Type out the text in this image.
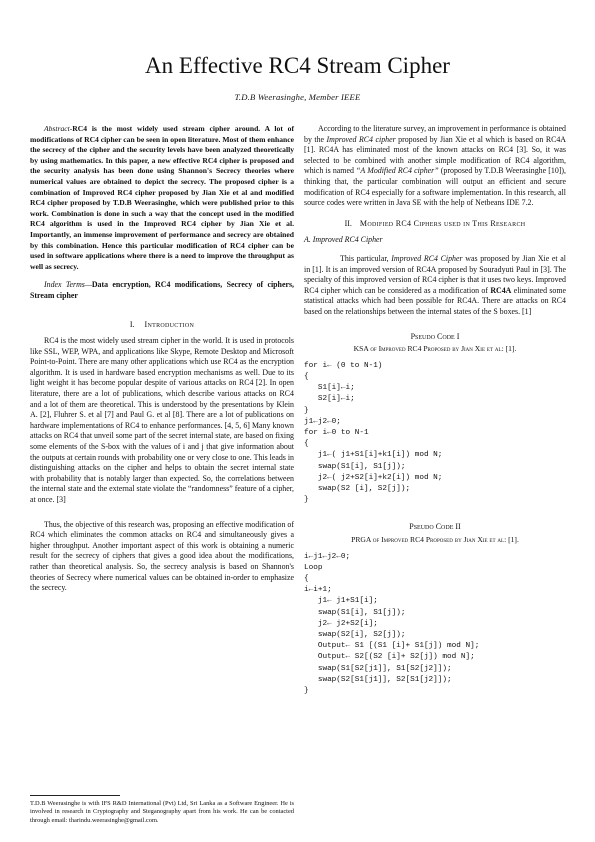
An Effective RC4 Stream Cipher
T.D.B Weerasinghe, Member IEEE

Abstract-RC4 is the most widely used stream cipher around. A lot of modifications of RC4 cipher can be seen in open literature. Most of them enhance the secrecy of the cipher and the security levels have been analyzed theoretically by using mathematics. In this paper, a new effective RC4 cipher is proposed and the security analysis has been done using Shannon's Secrecy theories where numerical values are obtained to depict the secrecy. The proposed cipher is a combination of Improved RC4 cipher proposed by Jian Xie et al and modified RC4 cipher proposed by T.D.B Weerasinghe, which were published prior to this work. Combination is done in such a way that the concept used in the modified RC4 algorithm is used in the Improved RC4 cipher by Jian Xie et al. Importantly, an immense improvement of performance and secrecy are obtained by this combination. Hence this particular modification of RC4 cipher can be used in software applications where there is a need to improve the throughput as well as secrecy.

Index Terms—Data encryption, RC4 modifications, Secrecy of ciphers, Stream cipher

I. Introduction

RC4 is the most widely used stream cipher in the world. It is used in protocols like SSL, WEP, WPA, and applications like Skype, Remote Desktop and Microsoft Point-to-Point. There are many other applications which use RC4 as the encryption algorithm. It is used in hardware based encryption mechanisms as well. Due to its light weight it has become popular despite of various attacks on RC4 [2]. In open literature, there are a lot of publications, which describe various attacks on RC4 and a lot of them are theoretical. This is understood by the presentations by Klein A. [2], Fluhrer S. et al [7] and Paul G. et al [8]. There are a lot of publications on hardware implementations of RC4 to enhance performances. [4, 5, 6] Many known attacks on RC4 that unveil some part of the secret internal state, are based on fixing some elements of the S-box with the values of i and j that give information about the outputs at certain rounds with probability one or very close to one. This leads in distinguishing attacks on the cipher and helps to obtain the secret internal state with probability that is notably larger than expected. So, the correlations between the internal state and the external state violate the “randomness” feature of a cipher, at once. [3]

Thus, the objective of this research was, proposing an effective modification of RC4 which eliminates the common attacks on RC4 and simultaneously gives a higher throughput. Another important aspect of this work is obtaining a numeric result for the secrecy of ciphers that gives a good idea about the modifications, rather than theoretical analysis. So, the secrecy analysis is based on Shannon's theories of Secrecy where numerical values can be obtained in-order to emphasize the secrecy.

T.D.B Weerasinghe is with IFS R&D International (Pvt) Ltd, Sri Lanka as a Software Engineer. He is involved in research in Cryptography and Steganography apart from his work. He can be contacted through email: tharindu.weerasinghe@gmail.com.

According to the literature survey, an improvement in performance is obtained by the Improved RC4 cipher proposed by Jian Xie et al which is based on RC4A [1]. RC4A has eliminated most of the known attacks on RC4 [3]. So, it was selected to be combined with another simple modification of RC4 algorithm, which is named “A Modified RC4 cipher” (proposed by T.D.B Weerasinghe [10]), thinking that, the particular combination will output an efficient and secure modification of RC4 especially for a software implementation. In this research, all source codes were written in Java SE with the help of Netbeans IDE 7.2.

II. Modified RC4 Ciphers used in This Research
A. Improved RC4 Cipher

This particular, Improved RC4 Cipher was proposed by Jian Xie et al in [1]. It is an improved version of RC4A proposed by Souradyuti Paul in [3]. The specialty of this improved version of RC4 cipher is that it uses two keys. Improved RC4 cipher which can be considered as a modification of RC4A eliminated some statistical attacks which had been possible for RC4A. There are attacks on RC4 based on the relationships between the internal states of the S boxes. [1]

Pseudo Code I
KSA of Improved RC4 Proposed by Jian Xie et al: [1].
for i← (0 to N-1)
{
S1[i]←i;
S2[i]←i;
}
j1←j2←0;
for i←0 to N-1
{
j1←( j1+S1[i]+k1[i]) mod N;
swap(S1[i], S1[j]);
j2←( j2+S2[i]+k2[i]) mod N;
swap(S2 [i], S2[j]);
}
Pseudo Code II
PRGA of Improved RC4 Proposed by Jian Xie et al: [1].
i←j1←j2←0;
Loop
{
i←i+1;
j1← j1+S1[i];
swap(S1[i], S1[j]);
j2← j2+S2[i];
swap(S2[i], S2[j]);
Output← S1 [(S1 [i]+ S1[j]) mod N];
Output← S2[(S2 [i]+ S2[j]) mod N];
swap(S1[S2[j1]], S1[S2[j2]]);
swap(S2[S1[j1]], S2[S1[j2]]);
}
